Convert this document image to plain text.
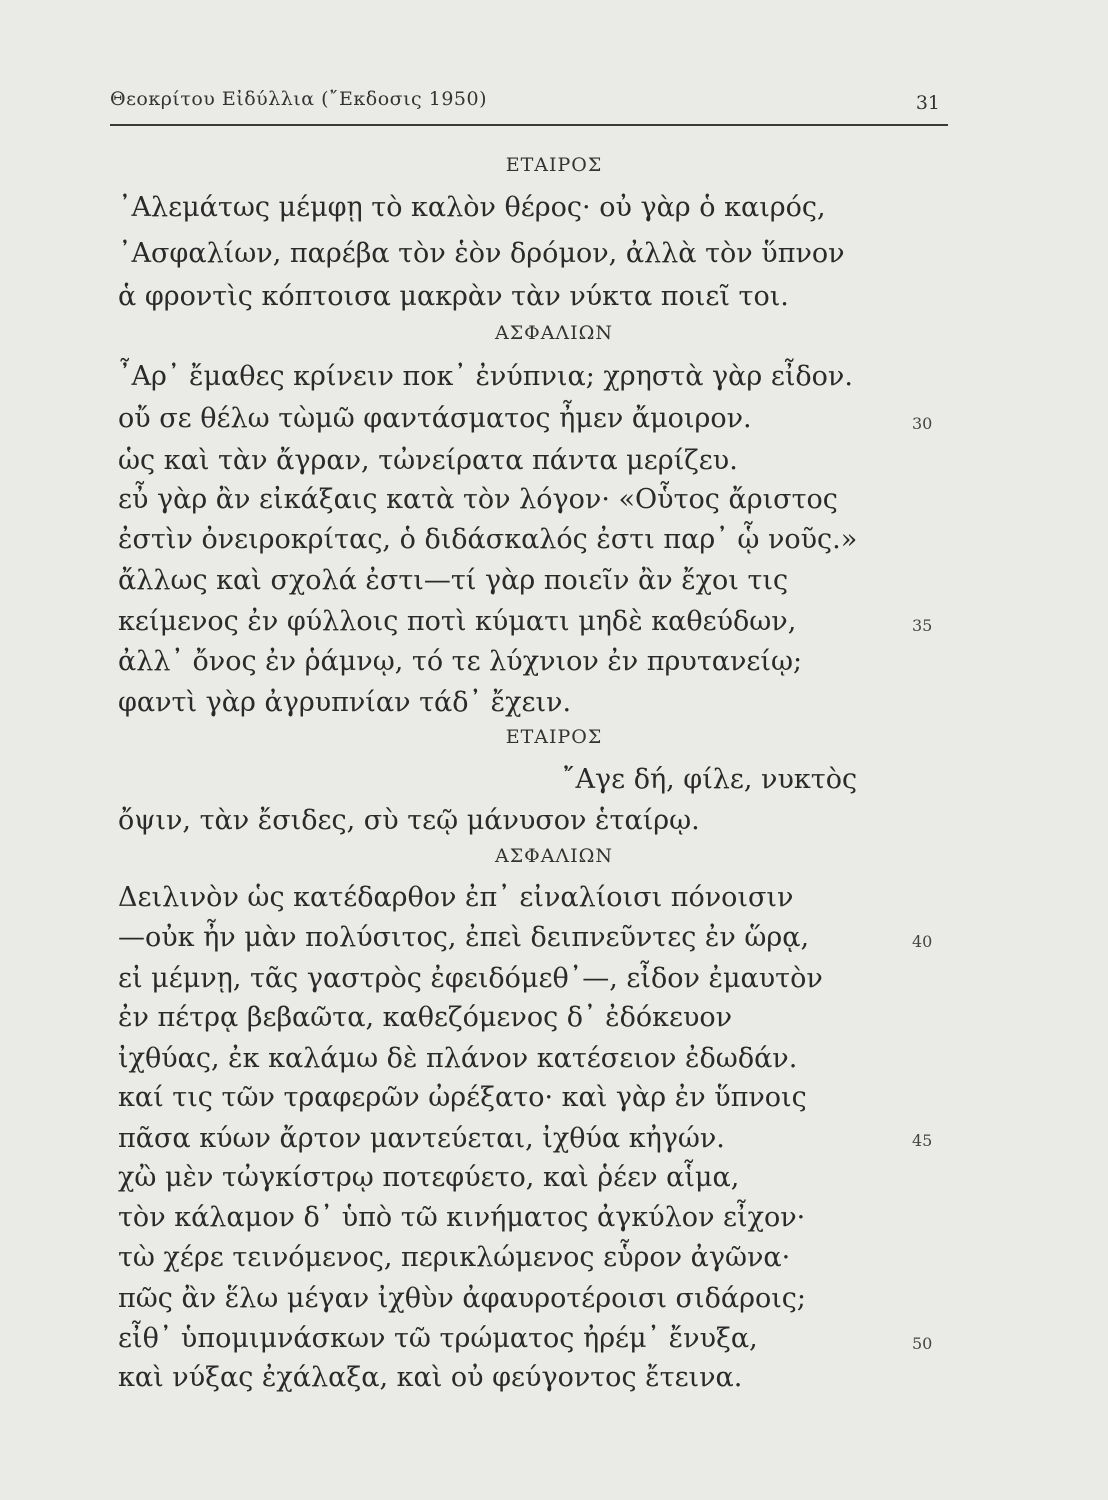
Θεοκρίτου Εἰδύλλια (῎Εκδοσις 1950)	31
ΕΤΑΙΡΟΣ
᾿Αλεμάτως μέμφῃ τὸ καλὸν θέρος· οὐ γὰρ ὁ καιρός,
᾿Ασφαλίων, παρέβα τὸν ἑὸν δρόμον, ἀλλὰ τὸν ὕπνον
ἁ φροντὶς κόπτοισα μακρὰν τὰν νύκτα ποιεῖ τοι.
ΑΣΦΑΛΙΩΝ
῏Αρ᾿ ἔμαθες κρίνειν ποκ᾿ ἐνύπνια; χρηστὰ γὰρ εἶδον.
οὔ σε θέλω τὼμῶ φαντάσματος ἦμεν ἄμοιρον.	30
ὡς καὶ τὰν ἄγραν, τὠνείρατα πάντα μερίζευ.
εὖ γὰρ ἂν εἰκάξαις κατὰ τὸν λόγον· «Οὗτος ἄριστος
ἐστὶν ὀνειροκρίτας, ὁ διδάσκαλός ἐστι παρ᾿ ᾧ νοῦς.»
ἄλλως καὶ σχολά ἐστι—τί γὰρ ποιεῖν ἂν ἔχοι τις
κείμενος ἐν φύλλοις ποτὶ κύματι μηδὲ καθεύδων,	35
ἀλλ᾿ ὄνος ἐν ῥάμνῳ, τό τε λύχνιον ἐν πρυτανείῳ;
φαντὶ γὰρ ἀγρυπνίαν τάδ᾿ ἔχειν.
ΕΤΑΙΡΟΣ
῎Αγε δή, φίλε, νυκτὸς
ὄψιν, τὰν ἔσιδες, σὺ τεῷ μάνυσον ἑταίρῳ.
ΑΣΦΑΛΙΩΝ
Δειλινὸν ὡς κατέδαρθον ἐπ᾿ εἰναλίοισι πόνοισιν
—οὐκ ἦν μὰν πολύσιτος, ἐπεὶ δειπνεῦντες ἐν ὥρᾳ,	40
εἰ μέμνῃ, τᾶς γαστρὸς ἐφειδόμεθ᾿—, εἶδον ἐμαυτὸν
ἐν πέτρᾳ βεβαῶτα, καθεζόμενος δ᾿ ἐδόκευον
ἰχθύας, ἐκ καλάμω δὲ πλάνον κατέσειον ἐδωδάν.
καί τις τῶν τραφερῶν ὠρέξατο· καὶ γὰρ ἐν ὕπνοις
πᾶσα κύων ἄρτον μαντεύεται, ἰχθύα κἠγών.	45
χὢ μὲν τὠγκίστρῳ ποτεφύετο, καὶ ῥέεν αἷμα,
τὸν κάλαμον δ᾿ ὑπὸ τῶ κινήματος ἀγκύλον εἶχον·
τὼ χέρε τεινόμενος, περικλώμενος εὗρον ἀγῶνα·
πῶς ἂν ἕλω μέγαν ἰχθὺν ἀφαυροτέροισι σιδάροις;
εἶθ᾿ ὑπομιμνάσκων τῶ τρώματος ἠρέμ᾿ ἔνυξα,	50
καὶ νύξας ἐχάλαξα, καὶ οὐ φεύγοντος ἔτεινα.
